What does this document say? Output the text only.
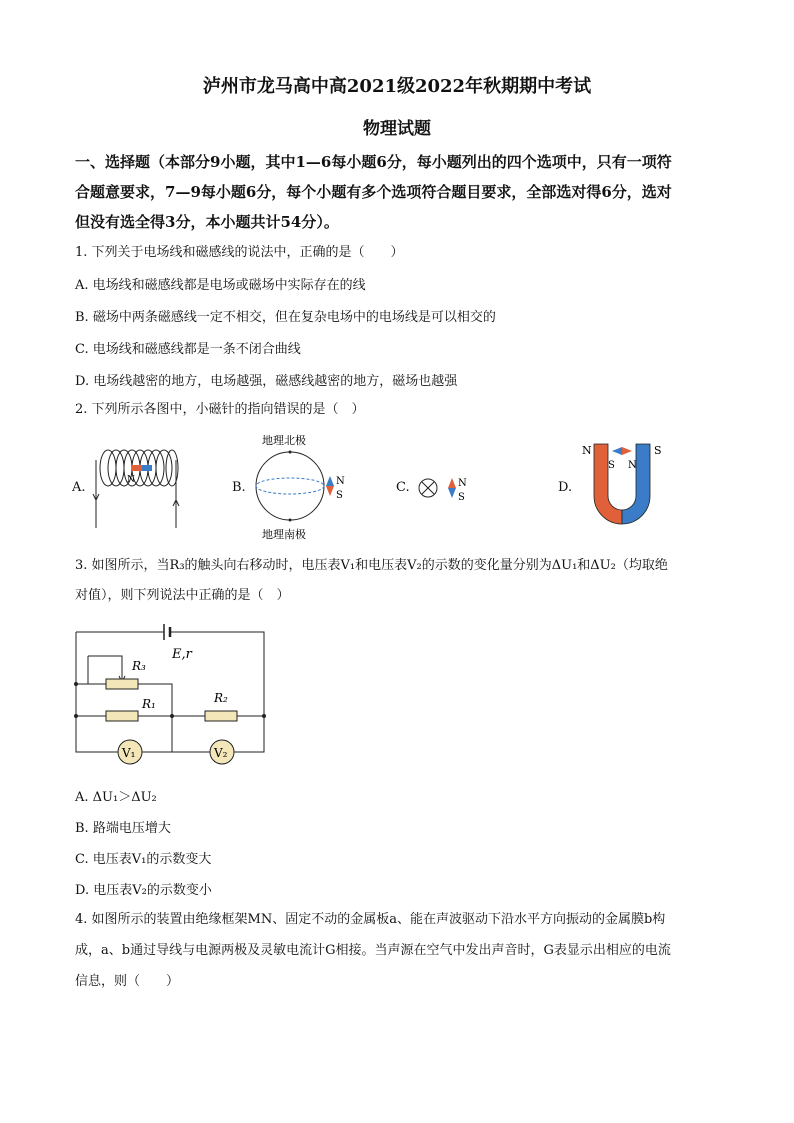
泸州市龙马高中高2021级2022年秋期期中考试
物理试题
一、选择题（本部分9小题，其中1—6每小题6分，每小题列出的四个选项中，只有一项符
合题意要求，7—9每小题6分，每个小题有多个选项符合题目要求，全部选对得6分，选对
但没有选全得3分，本小题共计54分）。
1. 下列关于电场线和磁感线的说法中，正确的是（　　）
A. 电场线和磁感线都是电场或磁场中实际存在的线
B. 磁场中两条磁感线一定不相交，但在复杂电场中的电场线是可以相交的
C. 电场线和磁感线都是一条不闭合曲线
D. 电场线越密的地方，电场越强，磁感线越密的地方，磁场也越强
2. 下列所示各图中，小磁针的指向错误的是（　）
A.	N	B.
地理北极
N
S
地理南极
C.	N
S
D.
N	S
S N
3. 如图所示，当R₃的触头向右移动时，电压表V₁和电压表V₂的示数的变化量分别为ΔU₁和ΔU₂（均取绝
对值），则下列说法中正确的是（　）
E,r
R₃
R₁	R₂
V₁	V₂
A. ΔU₁＞ΔU₂
B. 路端电压增大
C. 电压表V₁的示数变大
D. 电压表V₂的示数变小
4. 如图所示的装置由绝缘框架MN、固定不动的金属板a、能在声波驱动下沿水平方向振动的金属膜b构
成，a、b通过导线与电源两极及灵敏电流计G相接。当声源在空气中发出声音时，G表显示出相应的电流
信息，则（　　）
